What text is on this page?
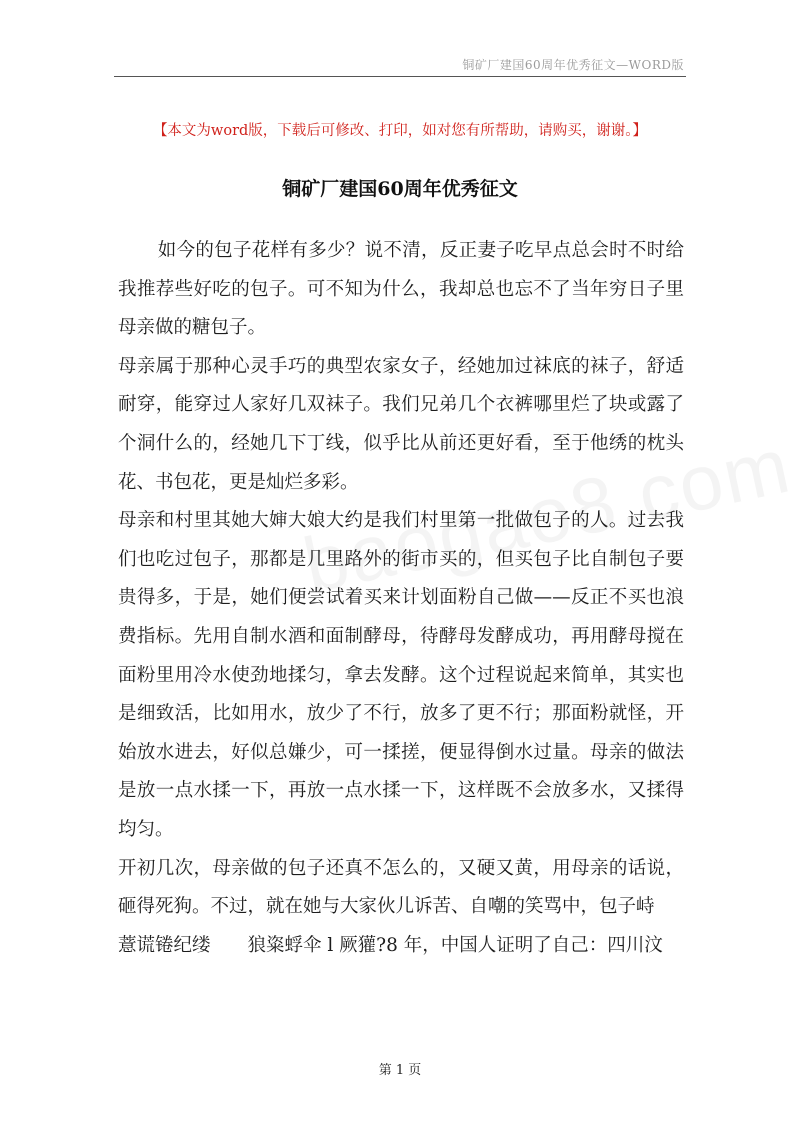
铜矿厂建国60周年优秀征文—WORD版
【本文为word版，下载后可修改、打印，如对您有所帮助，请购买，谢谢。】
铜矿厂建国60周年优秀征文

如今的包子花样有多少？说不清，反正妻子吃早点总会时不时给我推荐些好吃的包子。可不知为什么，我却总也忘不了当年穷日子里母亲做的糖包子。

母亲属于那种心灵手巧的典型农家女子，经她加过袜底的袜子，舒适耐穿，能穿过人家好几双袜子。我们兄弟几个衣裤哪里烂了块或露了个洞什么的，经她几下丁线，似乎比从前还更好看，至于他绣的枕头花、书包花，更是灿烂多彩。

母亲和村里其她大婶大娘大约是我们村里第一批做包子的人。过去我们也吃过包子，那都是几里路外的街市买的，但买包子比自制包子要贵得多，于是，她们便尝试着买来计划面粉自己做——反正不买也浪费指标。先用自制水酒和面制酵母，待酵母发酵成功，再用酵母搅在面粉里用冷水使劲地揉匀，拿去发酵。这个过程说起来简单，其实也是细致活，比如用水，放少了不行，放多了更不行；那面粉就怪，开始放水进去，好似总嫌少，可一揉搓，便显得倒水过量。母亲的做法是放一点水揉一下，再放一点水揉一下，这样既不会放多水，又揉得均匀。

开初几次，母亲做的包子还真不怎么的，又硬又黄，用母亲的话说，砸得死狗。不过，就在她与大家伙儿诉苦、自嘲的笑骂中，包子峙

薏谎锩纪缕　　狼粢蜉伞 l 厥獾?8 年，中国人证明了自己：四川汶

第 1 页
